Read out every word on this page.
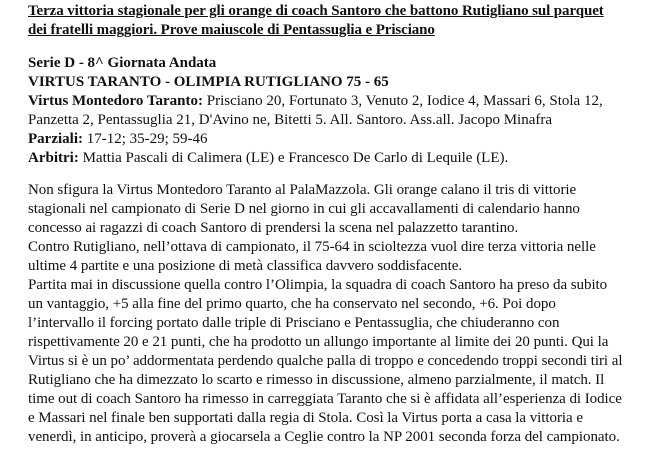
Terza vittoria stagionale per gli orange di coach Santoro che battono Rutigliano sul parquet
dei fratelli maggiori. Prove maiuscole di Pentassuglia e Prisciano
Serie D - 8^ Giornata Andata
VIRTUS TARANTO - OLIMPIA RUTIGLIANO 75 - 65
Virtus Montedoro Taranto: Prisciano 20, Fortunato 3, Venuto 2, Iodice 4, Massari 6, Stola 12,
Panzetta 2, Pentassuglia 21, D'Avino ne, Bitetti 5. All. Santoro. Ass.all. Jacopo Minafra
Parziali: 17-12; 35-29; 59-46
Arbitri: Mattia Pascali di Calimera (LE) e Francesco De Carlo di Lequile (LE).

Non sfigura la Virtus Montedoro Taranto al PalaMazzola. Gli orange calano il tris di vittorie
stagionali nel campionato di Serie D nel giorno in cui gli accavallamenti di calendario hanno
concesso ai ragazzi di coach Santoro di prendersi la scena nel palazzetto tarantino.

Contro Rutigliano, nell’ottava di campionato, il 75-64 in scioltezza vuol dire terza vittoria nelle
ultime 4 partite e una posizione di metà classifica davvero soddisfacente.

Partita mai in discussione quella contro l’Olimpia, la squadra di coach Santoro ha preso da subito
un vantaggio, +5 alla fine del primo quarto, che ha conservato nel secondo, +6. Poi dopo
l’intervallo il forcing portato dalle triple di Prisciano e Pentassuglia, che chiuderanno con
rispettivamente 20 e 21 punti, che ha prodotto un allungo importante al limite dei 20 punti. Qui la
Virtus si è un po’ addormentata perdendo qualche palla di troppo e concedendo troppi secondi tiri al
Rutigliano che ha dimezzato lo scarto e rimesso in discussione, almeno parzialmente, il match. Il
time out di coach Santoro ha rimesso in carreggiata Taranto che si è affidata all’esperienza di Iodice
e Massari nel finale ben supportati dalla regia di Stola. Così la Virtus porta a casa la vittoria e
venerdì, in anticipo, proverà a giocarsela a Ceglie contro la NP 2001 seconda forza del campionato.
